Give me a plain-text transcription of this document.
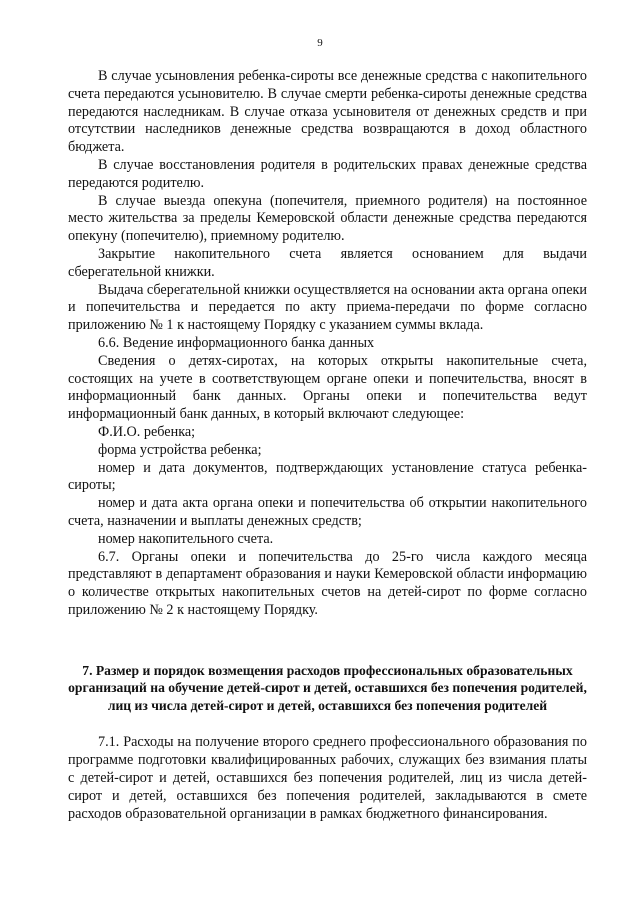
9

В случае усыновления ребенка-сироты все денежные средства с накопительного счета передаются усыновителю. В случае смерти ребенка-сироты денежные средства передаются наследникам. В случае отказа усыновителя от денежных средств и при отсутствии наследников денежные средства возвращаются в доход областного бюджета.

В случае восстановления родителя в родительских правах денежные средства передаются родителю.

В случае выезда опекуна (попечителя, приемного родителя) на постоянное место жительства за пределы Кемеровской области денежные средства передаются опекуну (попечителю), приемному родителю.

Закрытие накопительного счета является основанием для выдачи сберегательной книжки.

Выдача сберегательной книжки осуществляется на основании акта органа опеки и попечительства и передается по акту приема-передачи по форме согласно приложению № 1 к настоящему Порядку с указанием суммы вклада.

6.6. Ведение информационного банка данных

Сведения о детях-сиротах, на которых открыты накопительные счета, состоящих на учете в соответствующем органе опеки и попечительства, вносят в информационный банк данных. Органы опеки и попечительства ведут информационный банк данных, в который включают следующее:

Ф.И.О. ребенка;

форма устройства ребенка;

номер и дата документов, подтверждающих установление статуса ребенка-сироты;

номер и дата акта органа опеки и попечительства об открытии накопительного счета, назначении и выплаты денежных средств;

номер накопительного счета.

6.7. Органы опеки и попечительства до 25-го числа каждого месяца представляют в департамент образования и науки Кемеровской области информацию о количестве открытых накопительных счетов на детей-сирот по форме согласно приложению № 2 к настоящему Порядку.

7. Размер и порядок возмещения расходов профессиональных образовательных организаций на обучение детей-сирот и детей, оставшихся без попечения родителей, лиц из числа детей-сирот и детей, оставшихся без попечения родителей

7.1. Расходы на получение второго среднего профессионального образования по программе подготовки квалифицированных рабочих, служащих без взимания платы с детей-сирот и детей, оставшихся без попечения родителей, лиц из числа детей-сирот и детей, оставшихся без попечения родителей, закладываются в смете расходов образовательной организации в рамках бюджетного финансирования.
